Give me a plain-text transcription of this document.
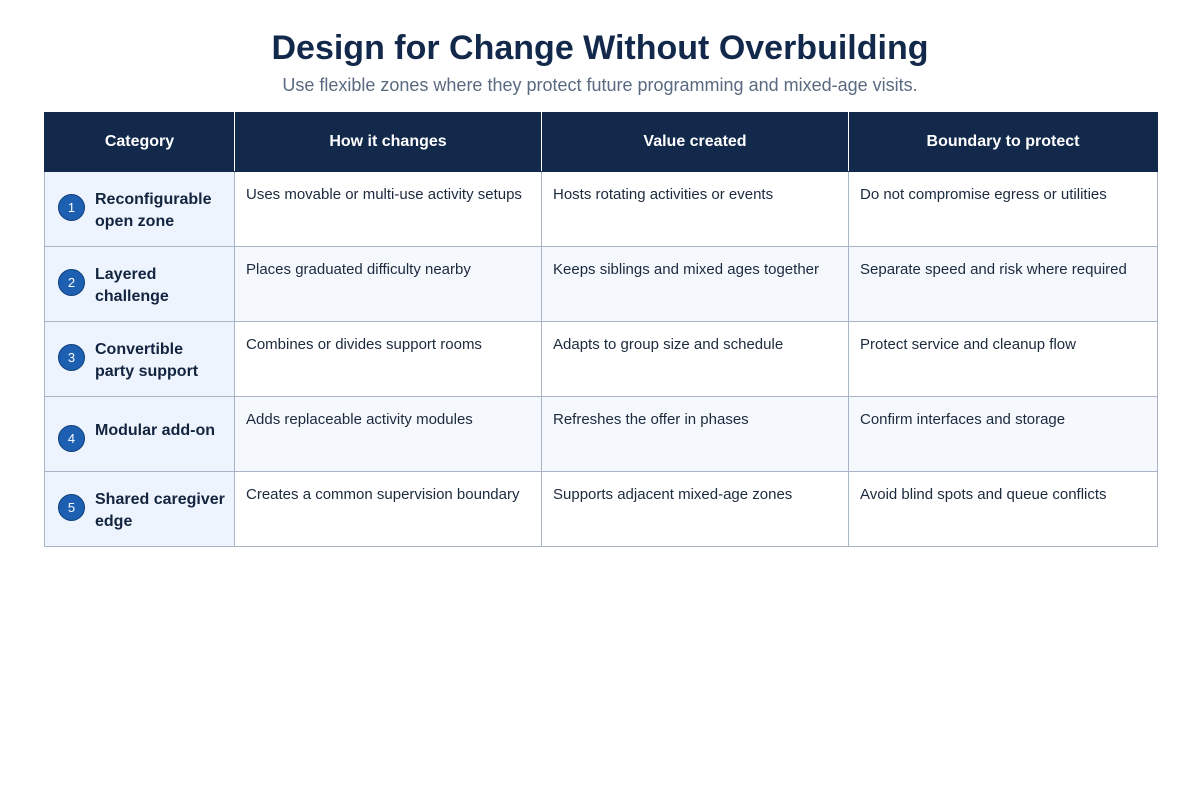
Design for Change Without Overbuilding
Use flexible zones where they protect future programming and mixed-age visits.
Category	How it changes	Value created	Boundary to protect

1 Reconfigurable open zone	Uses movable or multi-use activity setups	Hosts rotating activities or events	Do not compromise egress or utilities

2 Layered challenge	Places graduated difficulty nearby	Keeps siblings and mixed ages together	Separate speed and risk where required

3 Convertible party support	Combines or divides support rooms	Adapts to group size and schedule	Protect service and cleanup flow

4 Modular add-on	Adds replaceable activity modules	Refreshes the offer in phases	Confirm interfaces and storage

5 Shared caregiver edge	Creates a common supervision boundary	Supports adjacent mixed-age zones	Avoid blind spots and queue conflicts
